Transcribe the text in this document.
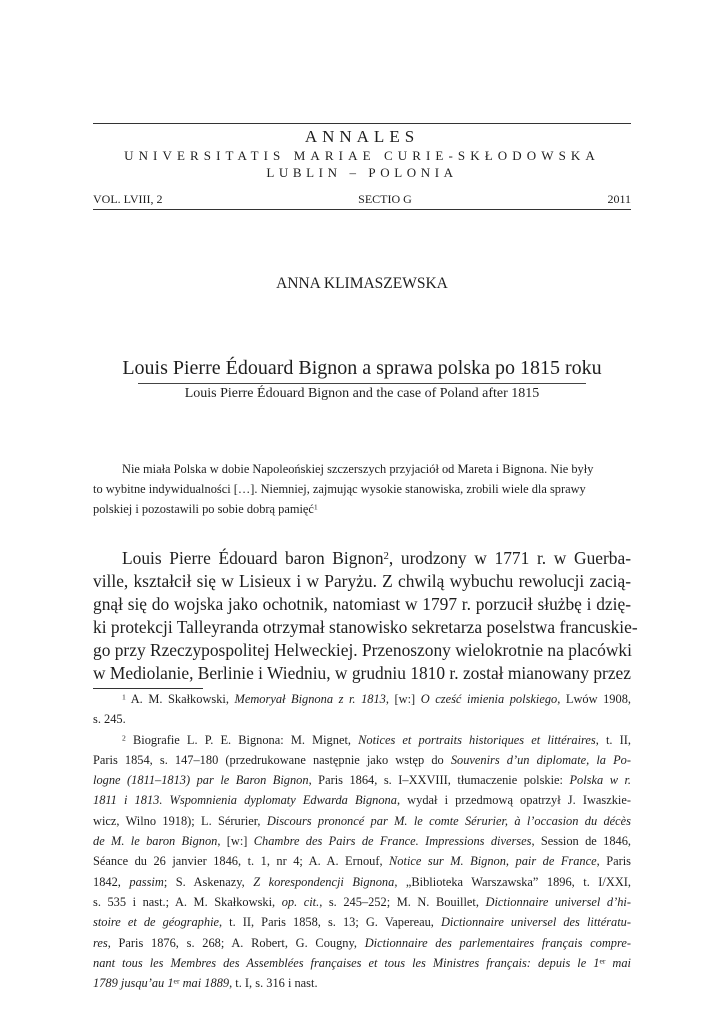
ANNALES
UNIVERSITATIS MARIAE CURIE-SKŁODOWSKA
LUBLIN – POLONIA
VOL. LVIII, 2	SECTIO G	2011
ANNA KLIMASZEWSKA
Louis Pierre Édouard Bignon a sprawa polska po 1815 roku
Louis Pierre Édouard Bignon and the case of Poland after 1815
Nie miała Polska w dobie Napoleońskiej szczerszych przyjaciół od Mareta i Bignona. Nie były
to wybitne indywidualności […]. Niemniej, zajmując wysokie stanowiska, zrobili wiele dla sprawy
polskiej i pozostawili po sobie dobrą pamięć$^1$
Louis Pierre Édouard baron Bignon$^2$, urodzony w 1771 r. w Guerba-
ville, kształcił się w Lisieux i w Paryżu. Z chwilą wybuchu rewolucji zacią-
gnął się do wojska jako ochotnik, natomiast w 1797 r. porzucił służbę i dzię-
ki protekcji Talleyranda otrzymał stanowisko sekretarza poselstwa francuskie-
go przy Rzeczypospolitej Helweckiej. Przenoszony wielokrotnie na placówki
w Mediolanie, Berlinie i Wiedniu, w grudniu 1810 r. został mianowany przez
$^1$ A. M. Skałkowski, Memoryał Bignona z r. 1813, [w:] O cześć imienia polskiego, Lwów 1908,
s. 245.
$^2$ Biografie L. P. E. Bignona: M. Mignet, Notices et portraits historiques et littéraires, t. II,
Paris 1854, s. 147–180 (przedrukowane następnie jako wstęp do Souvenirs d’un diplomate, la Po-
logne (1811–1813) par le Baron Bignon, Paris 1864, s. I–XXVIII, tłumaczenie polskie: Polska w r.
1811 i 1813. Wspomnienia dyplomaty Edwarda Bignona, wydał i przedmową opatrzył J. Iwaszkie-
wicz, Wilno 1918); L. Sérurier, Discours prononcé par M. le comte Sérurier, à l’occasion du décès
de M. le baron Bignon, [w:] Chambre des Pairs de France. Impressions diverses, Session de 1846,
Séance du 26 janvier 1846, t. 1, nr 4; A. A. Ernouf, Notice sur M. Bignon, pair de France, Paris
1842, passim; S. Askenazy, Z korespondencji Bignona, „Biblioteka Warszawska” 1896, t. I/XXI,
s. 535 i nast.; A. M. Skałkowski, op. cit., s. 245–252; M. N. Bouillet, Dictionnaire universel d’hi-
stoire et de géographie, t. II, Paris 1858, s. 13; G. Vapereau, Dictionnaire universel des littératu-
res, Paris 1876, s. 268; A. Robert, G. Cougny, Dictionnaire des parlementaires français compre-
nant tous les Membres des Assemblées françaises et tous les Ministres français: depuis le 1er mai
1789 jusqu’au 1er mai 1889, t. I, s. 316 i nast.
